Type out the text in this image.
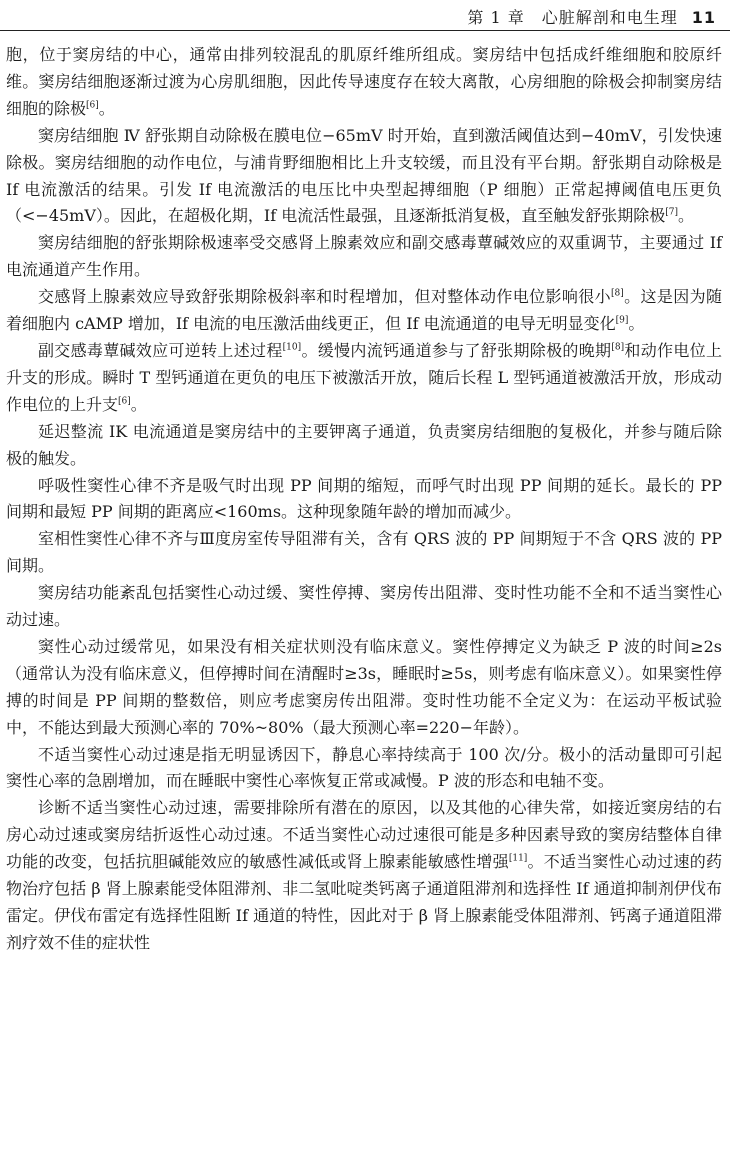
第 1 章　心脏解剖和电生理 11

胞，位于窦房结的中心，通常由排列较混乱的肌原纤维所组成。窦房结中包括成纤维细胞和胶原纤维。窦房结细胞逐渐过渡为心房肌细胞，因此传导速度存在较大离散，心房细胞的除极会抑制窦房结细胞的除极[6]。

窦房结细胞 Ⅳ 舒张期自动除极在膜电位−65mV 时开始，直到激活阈值达到−40mV，引发快速除极。窦房结细胞的动作电位，与浦肯野细胞相比上升支较缓，而且没有平台期。舒张期自动除极是 If 电流激活的结果。引发 If 电流激活的电压比中央型起搏细胞（P 细胞）正常起搏阈值电压更负（<−45mV）。因此，在超极化期，If 电流活性最强，且逐渐抵消复极，直至触发舒张期除极[7]。

窦房结细胞的舒张期除极速率受交感肾上腺素效应和副交感毒蕈碱效应的双重调节，主要通过 If 电流通道产生作用。

交感肾上腺素效应导致舒张期除极斜率和时程增加，但对整体动作电位影响很小[8]。这是因为随着细胞内 cAMP 增加，If 电流的电压激活曲线更正，但 If 电流通道的电导无明显变化[9]。

副交感毒蕈碱效应可逆转上述过程[10]。缓慢内流钙通道参与了舒张期除极的晚期[8]和动作电位上升支的形成。瞬时 T 型钙通道在更负的电压下被激活开放，随后长程 L 型钙通道被激活开放，形成动作电位的上升支[6]。

延迟整流 IK 电流通道是窦房结中的主要钾离子通道，负责窦房结细胞的复极化，并参与随后除极的触发。

呼吸性窦性心律不齐是吸气时出现 PP 间期的缩短，而呼气时出现 PP 间期的延长。最长的 PP 间期和最短 PP 间期的距离应<160ms。这种现象随年龄的增加而减少。

室相性窦性心律不齐与Ⅲ度房室传导阻滞有关，含有 QRS 波的 PP 间期短于不含 QRS 波的 PP 间期。

窦房结功能紊乱包括窦性心动过缓、窦性停搏、窦房传出阻滞、变时性功能不全和不适当窦性心动过速。

窦性心动过缓常见，如果没有相关症状则没有临床意义。窦性停搏定义为缺乏 P 波的时间≥2s（通常认为没有临床意义，但停搏时间在清醒时≥3s，睡眠时≥5s，则考虑有临床意义）。如果窦性停搏的时间是 PP 间期的整数倍，则应考虑窦房传出阻滞。变时性功能不全定义为：在运动平板试验中，不能达到最大预测心率的 70%~80%（最大预测心率=220−年龄）。

不适当窦性心动过速是指无明显诱因下，静息心率持续高于 100 次/分。极小的活动量即可引起窦性心率的急剧增加，而在睡眠中窦性心率恢复正常或减慢。P 波的形态和电轴不变。

诊断不适当窦性心动过速，需要排除所有潜在的原因，以及其他的心律失常，如接近窦房结的右房心动过速或窦房结折返性心动过速。不适当窦性心动过速很可能是多种因素导致的窦房结整体自律功能的改变，包括抗胆碱能效应的敏感性减低或肾上腺素能敏感性增强[11]。不适当窦性心动过速的药物治疗包括 β 肾上腺素能受体阻滞剂、非二氢吡啶类钙离子通道阻滞剂和选择性 If 通道抑制剂伊伐布雷定。伊伐布雷定有选择性阻断 If 通道的特性，因此对于 β 肾上腺素能受体阻滞剂、钙离子通道阻滞剂疗效不佳的症状性
